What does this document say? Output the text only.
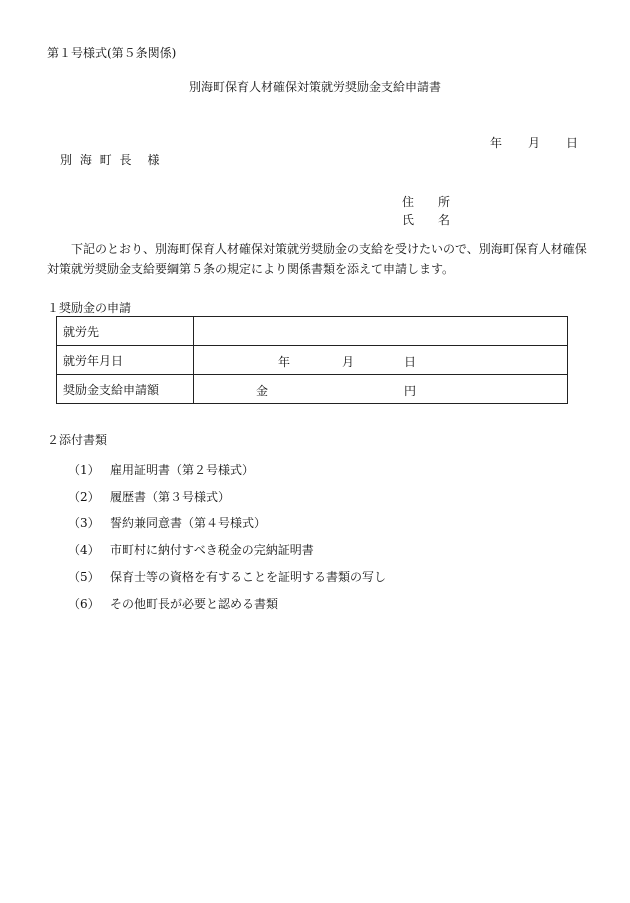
第１号様式(第５条関係)
別海町保育人材確保対策就労奨励金支給申請書
年	月	日
別 海 町 長　様
住 所
氏 名
下記のとおり、別海町保育人材確保対策就労奨励金の支給を受けたいので、別海町保育人材確保対策就労奨励金支給要綱第５条の規定により関係書類を添えて申請します。
１奨励金の申請
就労先	
就労年月日	年 月 日

奨励金支給申請額	金 円
２添付書類
（1） 雇用証明書（第２号様式）
（2） 履歴書（第３号様式）
（3） 誓約兼同意書（第４号様式）
（4） 市町村に納付すべき税金の完納証明書
（5） 保育士等の資格を有することを証明する書類の写し
（6） その他町長が必要と認める書類
